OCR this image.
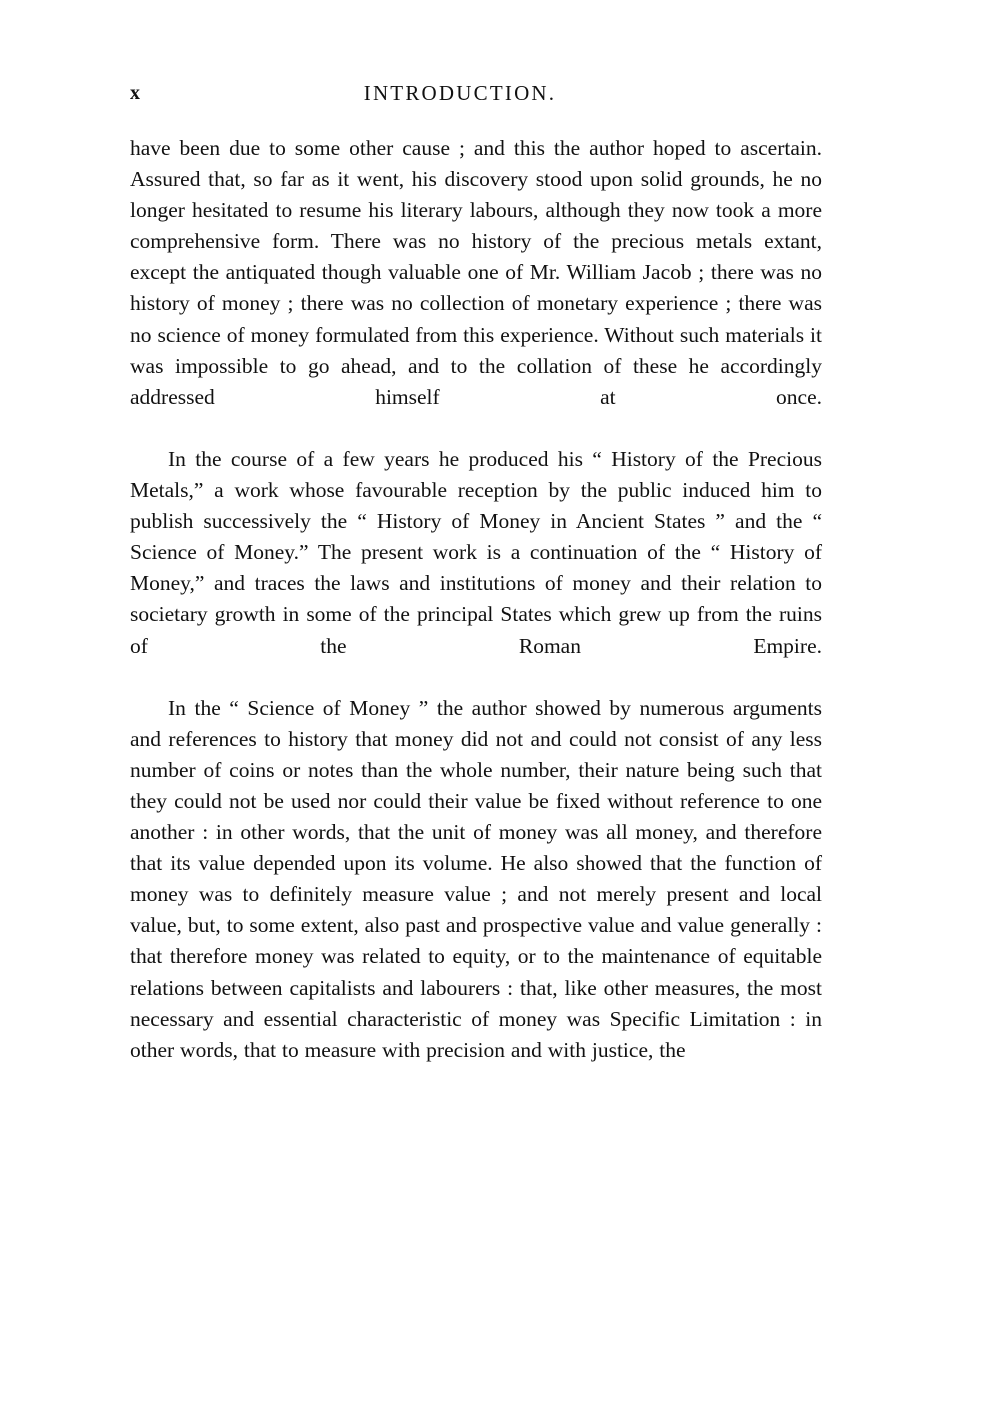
x	INTRODUCTION.

have been due to some other cause ; and this the author hoped to ascertain. Assured that, so far as it went, his discovery stood upon solid grounds, he no longer hesitated to resume his literary labours, although they now took a more comprehensive form. There was no history of the precious metals extant, except the antiquated though valuable one of Mr. William Jacob ; there was no history of money ; there was no collection of monetary experience ; there was no science of money formulated from this experience. Without such materials it was impossible to go ahead, and to the collation of these he accordingly addressed himself at once.

In the course of a few years he produced his “ History of the Precious Metals,” a work whose favourable reception by the public induced him to publish successively the “ History of Money in Ancient States ” and the “ Science of Money.” The present work is a continuation of the “ History of Money,” and traces the laws and institutions of money and their relation to societary growth in some of the principal States which grew up from the ruins of the Roman Empire.

In the “ Science of Money ” the author showed by numerous arguments and references to history that money did not and could not consist of any less number of coins or notes than the whole number, their nature being such that they could not be used nor could their value be fixed without reference to one another : in other words, that the unit of money was all money, and therefore that its value depended upon its volume. He also showed that the function of money was to definitely measure value ; and not merely present and local value, but, to some extent, also past and prospective value and value generally : that therefore money was related to equity, or to the maintenance of equitable relations between capitalists and labourers : that, like other measures, the most necessary and essential characteristic of money was Specific Limitation : in other words, that to measure with precision and with justice, the
